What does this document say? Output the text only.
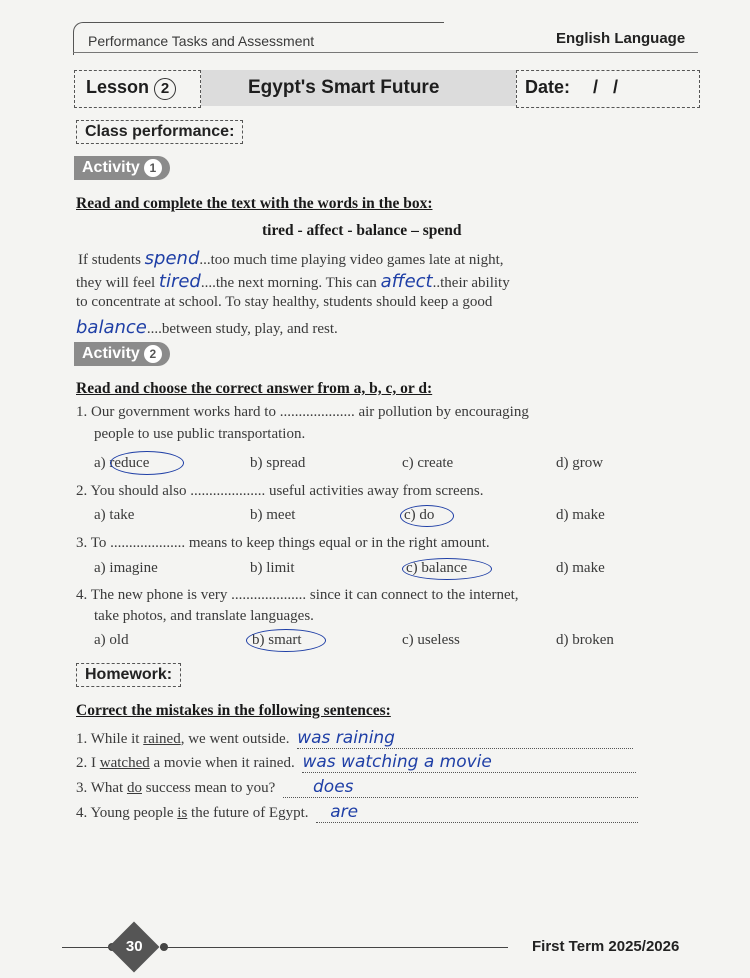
Performance Tasks and Assessment	English Language
Lesson 2	Egypt's Smart Future	Date: /   /
Class performance:
Activity 1
Read and complete the text with the words in the box:
tired - affect - balance – spend
If students spend...too much time playing video games late at night,
they will feel tired....the next morning. This can affect..their ability
to concentrate at school. To stay healthy, students should keep a good
balance....between study, play, and rest.
Activity 2
Read and choose the correct answer from a, b, c, or d:
1. Our government works hard to .................... air pollution by encouraging
people to use public transportation.
a) reduce	b) spread	c) create	d) grow
2. You should also .................... useful activities away from screens.
a) take	b) meet	c) do	d) make
3. To .................... means to keep things equal or in the right amount.
a) imagine	b) limit	c) balance	d) make
4. The new phone is very .................... since it can connect to the internet,
take photos, and translate languages.
a) old	b) smart	c) useless	d) broken
Homework:
Correct the mistakes in the following sentences:
1. While it rained, we went outside. was raining
2. I watched a movie when it rained. was watching a movie
3. What do success mean to you? does
4. Young people is the future of Egypt. are
30	First Term 2025/2026
